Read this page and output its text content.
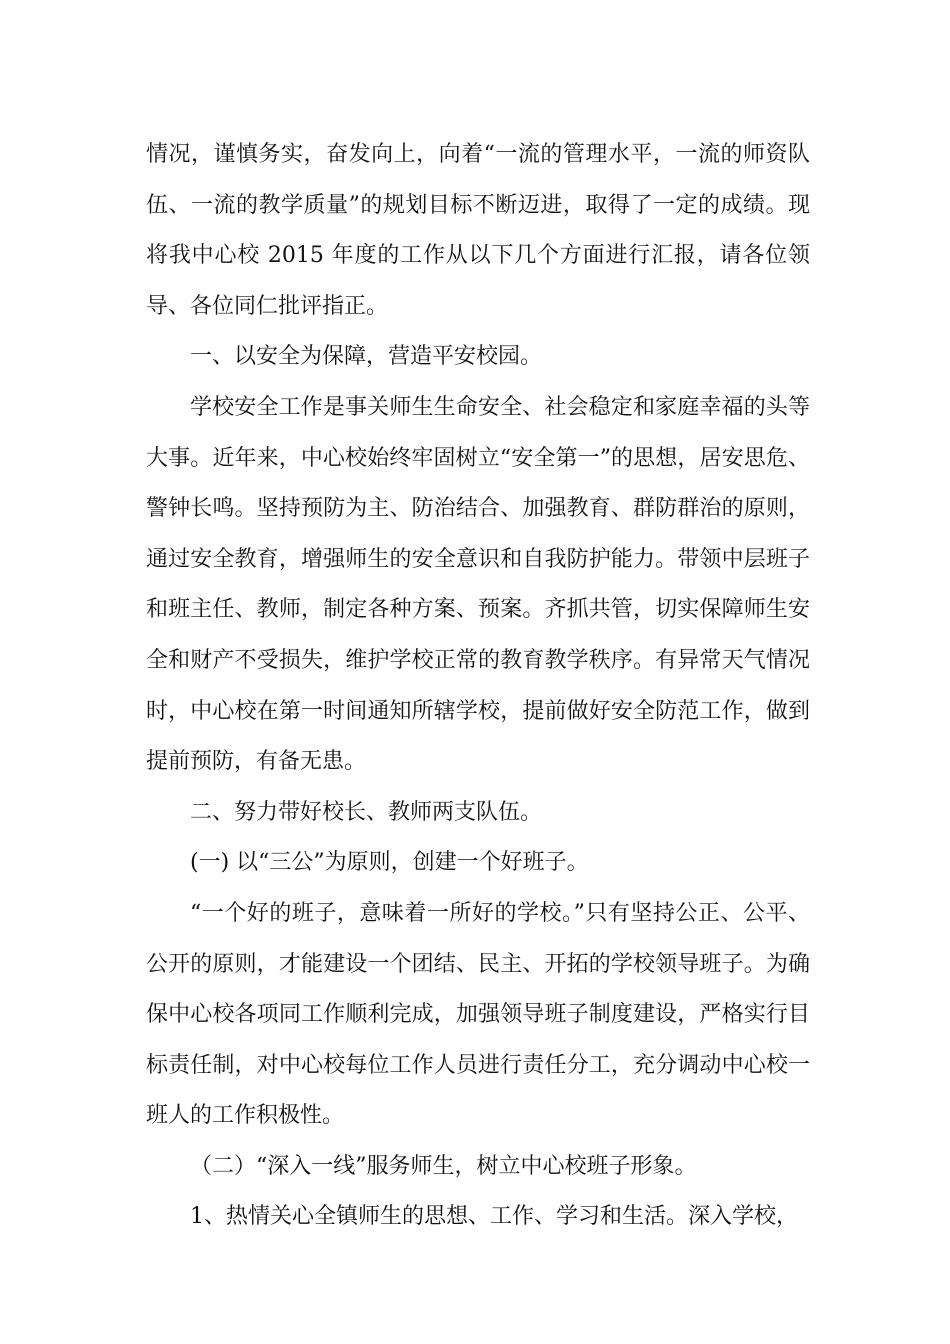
情况，谨慎务实，奋发向上，向着“一流的管理水平，一流的师资队伍、一流的教学质量”的规划目标不断迈进，取得了一定的成绩。现将我中心校 2015 年度的工作从以下几个方面进行汇报，请各位领导、各位同仁批评指正。

一、以安全为保障，营造平安校园。

学校安全工作是事关师生生命安全、社会稳定和家庭幸福的头等大事。近年来，中心校始终牢固树立“安全第一”的思想，居安思危、警钟长鸣。坚持预防为主、防治结合、加强教育、群防群治的原则，通过安全教育，增强师生的安全意识和自我防护能力。带领中层班子和班主任、教师，制定各种方案、预案。齐抓共管，切实保障师生安全和财产不受损失，维护学校正常的教育教学秩序。有异常天气情况时，中心校在第一时间通知所辖学校，提前做好安全防范工作，做到提前预防，有备无患。

二、努力带好校长、教师两支队伍。

(一) 以“三公”为原则，创建一个好班子。

“一个好的班子，意味着一所好的学校。”只有坚持公正、公平、公开的原则，才能建设一个团结、民主、开拓的学校领导班子。为确保中心校各项同工作顺利完成，加强领导班子制度建设，严格实行目标责任制，对中心校每位工作人员进行责任分工，充分调动中心校一班人的工作积极性。

（二）“深入一线”服务师生，树立中心校班子形象。

1、热情关心全镇师生的思想、工作、学习和生活。深入学校，
